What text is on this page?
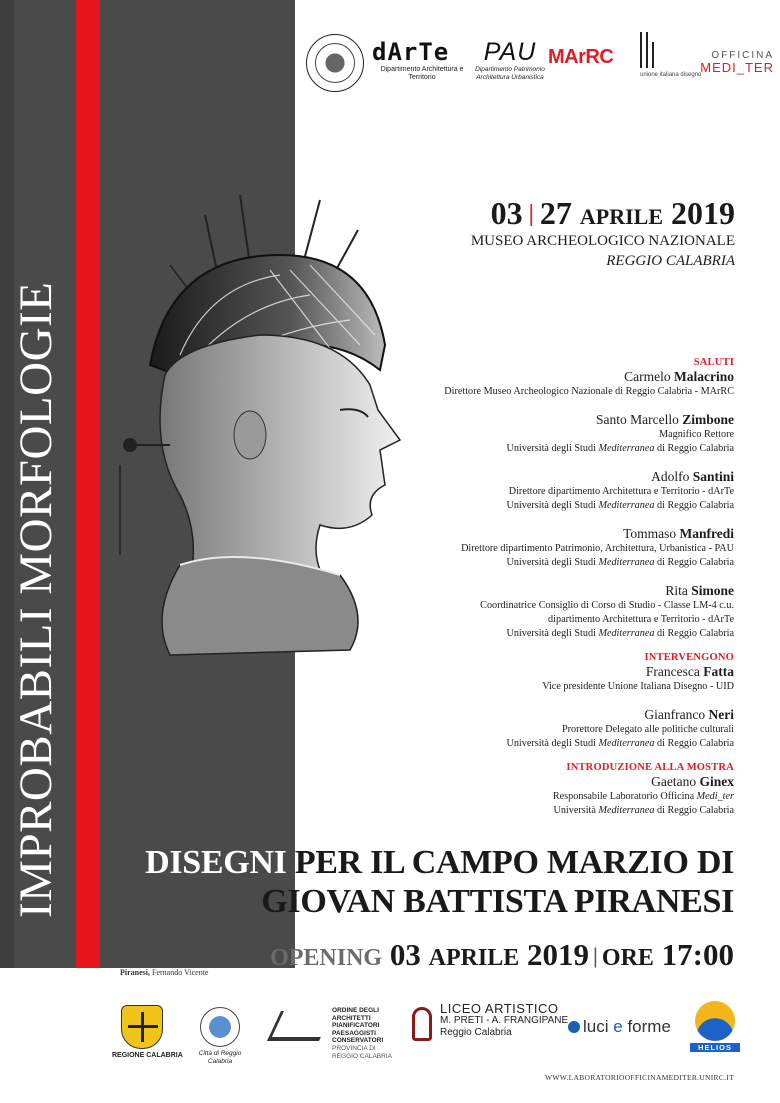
IMPROBABILI MORFOLOGIE
Piranesi, Fernando Vicente
dArTe
Dipartimento Architettura e Territorio
PAU
Dipartimento Patrimonio Architettura Urbanistica
MArRC
unione italiana disegno
OFFICINA
MEDI_TER
03 | 27 APRILE 2019
MUSEO ARCHEOLOGICO NAZIONALE
REGGIO CALABRIA
SALUTI
Carmelo Malacrino
Direttore Museo Archeologico Nazionale di Reggio Calabria - MArRC
Santo Marcello Zimbone
Magnifico Rettore
Università degli Studi Mediterranea di Reggio Calabria
Adolfo Santini
Direttore dipartimento Architettura e Territorio - dArTe
Università degli Studi Mediterranea di Reggio Calabria
Tommaso Manfredi
Direttore dipartimento Patrimonio, Architettura, Urbanistica - PAU
Università degli Studi Mediterranea di Reggio Calabria
Rita Simone
Coordinatrice Consiglio di Corso di Studio - Classe LM-4 c.u.
dipartimento Architettura e Territorio - dArTe
Università degli Studi Mediterranea di Reggio Calabria
INTERVENGONO
Francesca Fatta
Vice presidente Unione Italiana Disegno - UID
Gianfranco Neri
Prorettore Delegato alle politiche culturali
Università degli Studi Mediterranea di Reggio Calabria
INTRODUZIONE ALLA MOSTRA
Gaetano Ginex
Responsabile Laboratorio Officina Medi_ter
Università Mediterranea di Reggio Calabria
DISEGNI PER IL CAMPO MARZIO DI
GIOVAN BATTISTA PIRANESI
OPENING 03 APRILE 2019 | ORE 17:00
REGIONE CALABRIA	Città di Reggio Calabria
ORDINE DEGLI
ARCHITETTI
PIANIFICATORI
PAESAGGISTI
CONSERVATORI
PROVINCIA DI
REGGIO CALABRIA
LICEO ARTISTICO
M. PRETI - A. FRANGIPANE
Reggio Calabria	luci e forme
HELIOS
WWW.LABORATORIOOFFICINAMEDITER.UNIRC.IT
